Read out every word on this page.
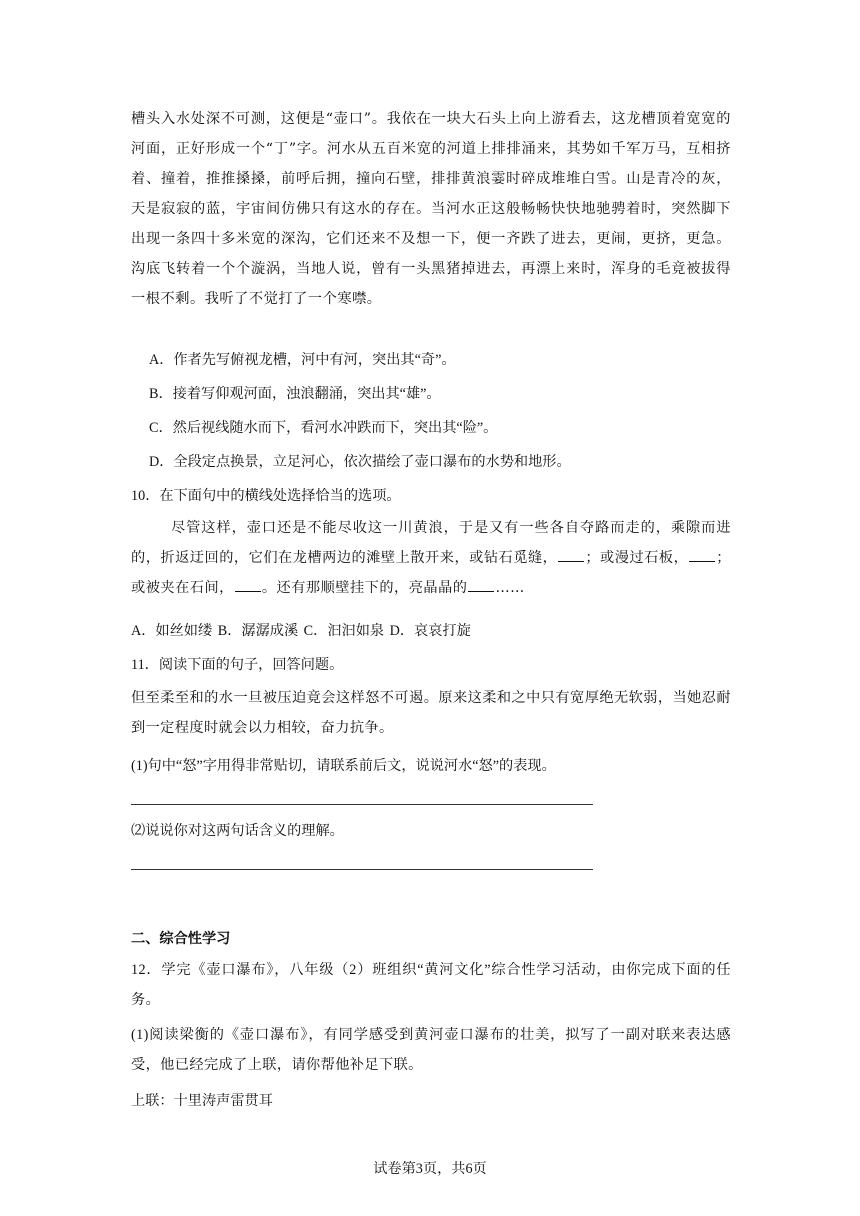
槽头入水处深不可测，这便是“壶口”。我依在一块大石头上向上游看去，这龙槽顶着宽宽的河面，正好形成一个“丁”字。河水从五百米宽的河道上排排涌来，其势如千军万马，互相挤着、撞着，推推搡搡，前呼后拥，撞向石壁，排排黄浪霎时碎成堆堆白雪。山是青冷的灰，天是寂寂的蓝，宇宙间仿佛只有这水的存在。当河水正这般畅畅快快地驰骋着时，突然脚下出现一条四十多米宽的深沟，它们还来不及想一下，便一齐跌了进去，更闹，更挤，更急。沟底飞转着一个个漩涡，当地人说，曾有一头黑猪掉进去，再漂上来时，浑身的毛竟被拔得一根不剩。我听了不觉打了一个寒噤。

A．作者先写俯视龙槽，河中有河，突出其“奇”。

B．接着写仰观河面，浊浪翻涌，突出其“雄”。

C．然后视线随水而下，看河水冲跌而下，突出其“险”。

D．全段定点换景，立足河心，依次描绘了壶口瀑布的水势和地形。

10．在下面句中的横线处选择恰当的选项。

尽管这样，壶口还是不能尽收这一川黄浪，于是又有一些各自夺路而走的，乘隙而进的，折返迂回的，它们在龙槽两边的滩壁上散开来，或钻石觅缝， ；或漫过石板， ；或被夹在石间， 。还有那顺壁挂下的，亮晶晶的 ……

A．如丝如缕 B．潺潺成溪 C．汩汩如泉 D．哀哀打旋

11．阅读下面的句子，回答问题。

但至柔至和的水一旦被压迫竟会这样怒不可遏。原来这柔和之中只有宽厚绝无软弱，当她忍耐 到一定程度时就会以力相较，奋力抗争。

(1)句中“怒”字用得非常贴切，请联系前后文，说说河水“怒”的表现。

⑵说说你对这两句话含义的理解。

二、综合性学习

12．学完《壶口瀑布》，八年级（2）班组织“黄河文化”综合性学习活动，由你完成下面的任务。

(1)阅读梁衡的《壶口瀑布》，有同学感受到黄河壶口瀑布的壮美，拟写了一副对联来表达感受，他已经完成了上联，请你帮他补足下联。

上联：十里涛声雷贯耳

试卷第3页，共6页
